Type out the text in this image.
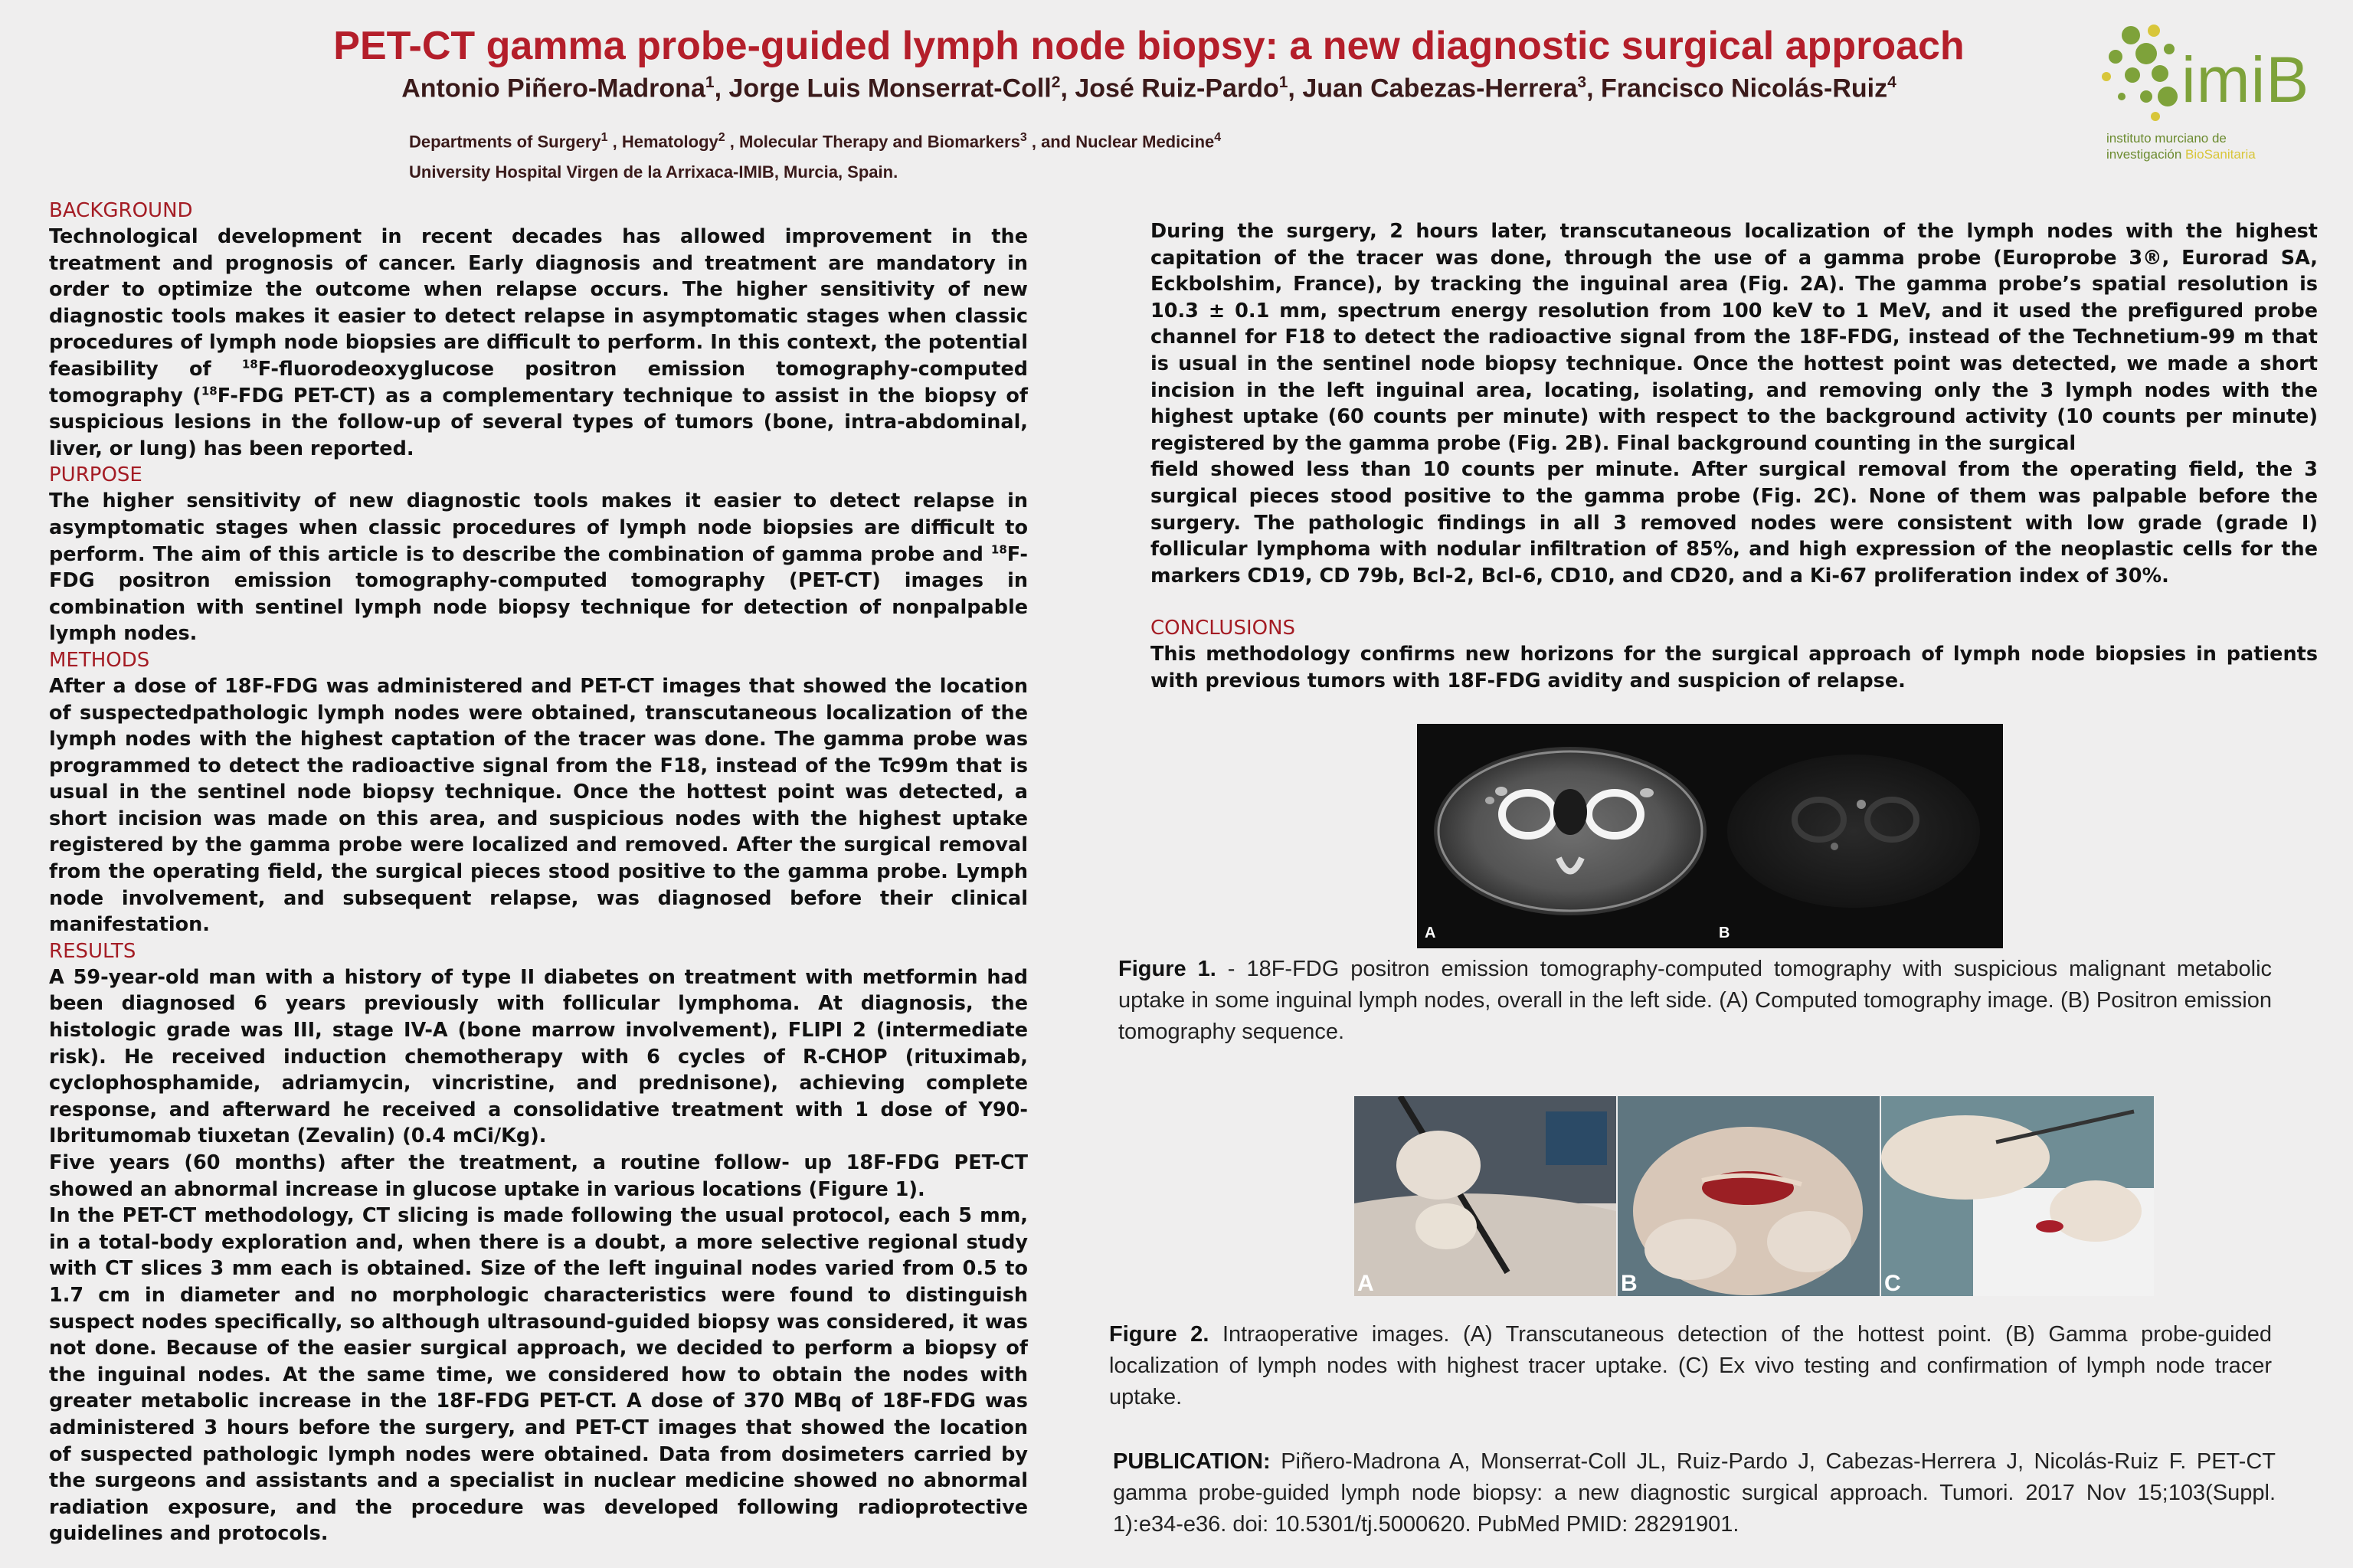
PET-CT gamma probe-guided lymph node biopsy: a new diagnostic surgical approach
Antonio Piñero-Madrona$^1$, Jorge Luis Monserrat-Coll$^2$, José Ruiz-Pardo$^1$, Juan Cabezas-Herrera$^3$, Francisco Nicolás-Ruiz$^4$
Departments of Surgery$^1$ , Hematology$^2$ , Molecular Therapy and Biomarkers$^3$ , and Nuclear Medicine$^4$
University Hospital Virgen de la Arrixaca-IMIB, Murcia, Spain.
imiB
instituto murciano de
investigación BioSanitaria
BACKGROUND

Technological development in recent decades has allowed improvement in the treatment and prognosis of cancer. Early diagnosis and treatment are mandatory in order to optimize the outcome when relapse occurs. The higher sensitivity of new diagnostic tools makes it easier to detect relapse in asymptomatic stages when classic procedures of lymph node biopsies are difficult to perform. In this context, the potential feasibility of $^{18}$F-fluorodeoxyglucose positron emission tomography-computed tomography ($^{18}$F-FDG PET-CT) as a complementary technique to assist in the biopsy of suspicious lesions in the follow-up of several types of tumors (bone, intra-abdominal, liver, or lung) has been reported.

PURPOSE

The higher sensitivity of new diagnostic tools makes it easier to detect relapse in asymptomatic stages when classic procedures of lymph node biopsies are difficult to perform. The aim of this article is to describe the combination of gamma probe and $^{18}$F-FDG positron emission tomography-computed tomography (PET-CT) images in combination with sentinel lymph node biopsy technique for detection of nonpalpable lymph nodes.

METHODS

After a dose of 18F-FDG was administered and PET-CT images that showed the location of suspectedpathologic lymph nodes were obtained, transcutaneous localization of the lymph nodes with the highest captation of the tracer was done. The gamma probe was programmed to detect the radioactive signal from the F18, instead of the Tc99m that is usual in the sentinel node biopsy technique. Once the hottest point was detected, a short incision was made on this area, and suspicious nodes with the highest uptake registered by the gamma probe were localized and removed. After the surgical removal from the operating field, the surgical pieces stood positive to the gamma probe. Lymph node involvement, and subsequent relapse, was diagnosed before their clinical manifestation.

RESULTS

A 59-year-old man with a history of type II diabetes on treatment with metformin had been diagnosed 6 years previously with follicular lymphoma. At diagnosis, the histologic grade was III, stage IV-A (bone marrow involvement), FLIPI 2 (intermediate risk). He received induction chemotherapy with 6 cycles of R-CHOP (rituximab, cyclophosphamide, adriamycin, vincristine, and prednisone), achieving complete response, and afterward he received a consolidative treatment with 1 dose of Y90-Ibritumomab tiuxetan (Zevalin) (0.4 mCi/Kg).

Five years (60 months) after the treatment, a routine follow- up 18F-FDG PET-CT showed an abnormal increase in glucose uptake in various locations (Figure 1).

In the PET-CT methodology, CT slicing is made following the usual protocol, each 5 mm, in a total-body exploration and, when there is a doubt, a more selective regional study with CT slices 3 mm each is obtained. Size of the left inguinal nodes varied from 0.5 to 1.7 cm in diameter and no morphologic characteristics were found to distinguish suspect nodes specifically, so although ultrasound-guided biopsy was considered, it was not done. Because of the easier surgical approach, we decided to perform a biopsy of the inguinal nodes. At the same time, we considered how to obtain the nodes with greater metabolic increase in the 18F-FDG PET-CT. A dose of 370 MBq of 18F-FDG was administered 3 hours before the surgery, and PET-CT images that showed the location of suspected pathologic lymph nodes were obtained. Data from dosimeters carried by the surgeons and assistants and a specialist in nuclear medicine showed no abnormal radiation exposure, and the procedure was developed following radioprotective guidelines and protocols.

During the surgery, 2 hours later, transcutaneous localization of the lymph nodes with the highest capitation of the tracer was done, through the use of a gamma probe (Europrobe 3®, Eurorad SA, Eckbolshim, France), by tracking the inguinal area (Fig. 2A). The gamma probe’s spatial resolution is 10.3 ± 0.1 mm, spectrum energy resolution from 100 keV to 1 MeV, and it used the prefigured probe channel for F18 to detect the radioactive signal from the 18F-FDG, instead of the Technetium-99 m that is usual in the sentinel node biopsy technique. Once the hottest point was detected, we made a short incision in the left inguinal area, locating, isolating, and removing only the 3 lymph nodes with the highest uptake (60 counts per minute) with respect to the background activity (10 counts per minute) registered by the gamma probe (Fig. 2B). Final background counting in the surgical

field showed less than 10 counts per minute. After surgical removal from the operating field, the 3 surgical pieces stood positive to the gamma probe (Fig. 2C). None of them was palpable before the surgery. The pathologic findings in all 3 removed nodes were consistent with low grade (grade I) follicular lymphoma with nodular infiltration of 85%, and high expression of the neoplastic cells for the markers CD19, CD 79b, Bcl-2, Bcl-6, CD10, and CD20, and a Ki-67 proliferation index of 30%.

CONCLUSIONS

This methodology confirms new horizons for the surgical approach of lymph node biopsies in patients with previous tumors with 18F-FDG avidity and suspicion of relapse.

A	B
Figure 1. - 18F-FDG positron emission tomography-computed tomography with suspicious malignant metabolic uptake in some inguinal lymph nodes, overall in the left side. (A) Computed tomography image. (B) Positron emission tomography sequence.
A	B	C
Figure 2. Intraoperative images. (A) Transcutaneous detection of the hottest point. (B) Gamma probe-guided localization of lymph nodes with highest tracer uptake. (C) Ex vivo testing and confirmation of lymph node tracer uptake.
PUBLICATION: Piñero-Madrona A, Monserrat-Coll JL, Ruiz-Pardo J, Cabezas-Herrera J, Nicolás-Ruiz F. PET-CT gamma probe-guided lymph node biopsy: a new diagnostic surgical approach. Tumori. 2017 Nov 15;103(Suppl. 1):e34-e36. doi: 10.5301/tj.5000620. PubMed PMID: 28291901.
